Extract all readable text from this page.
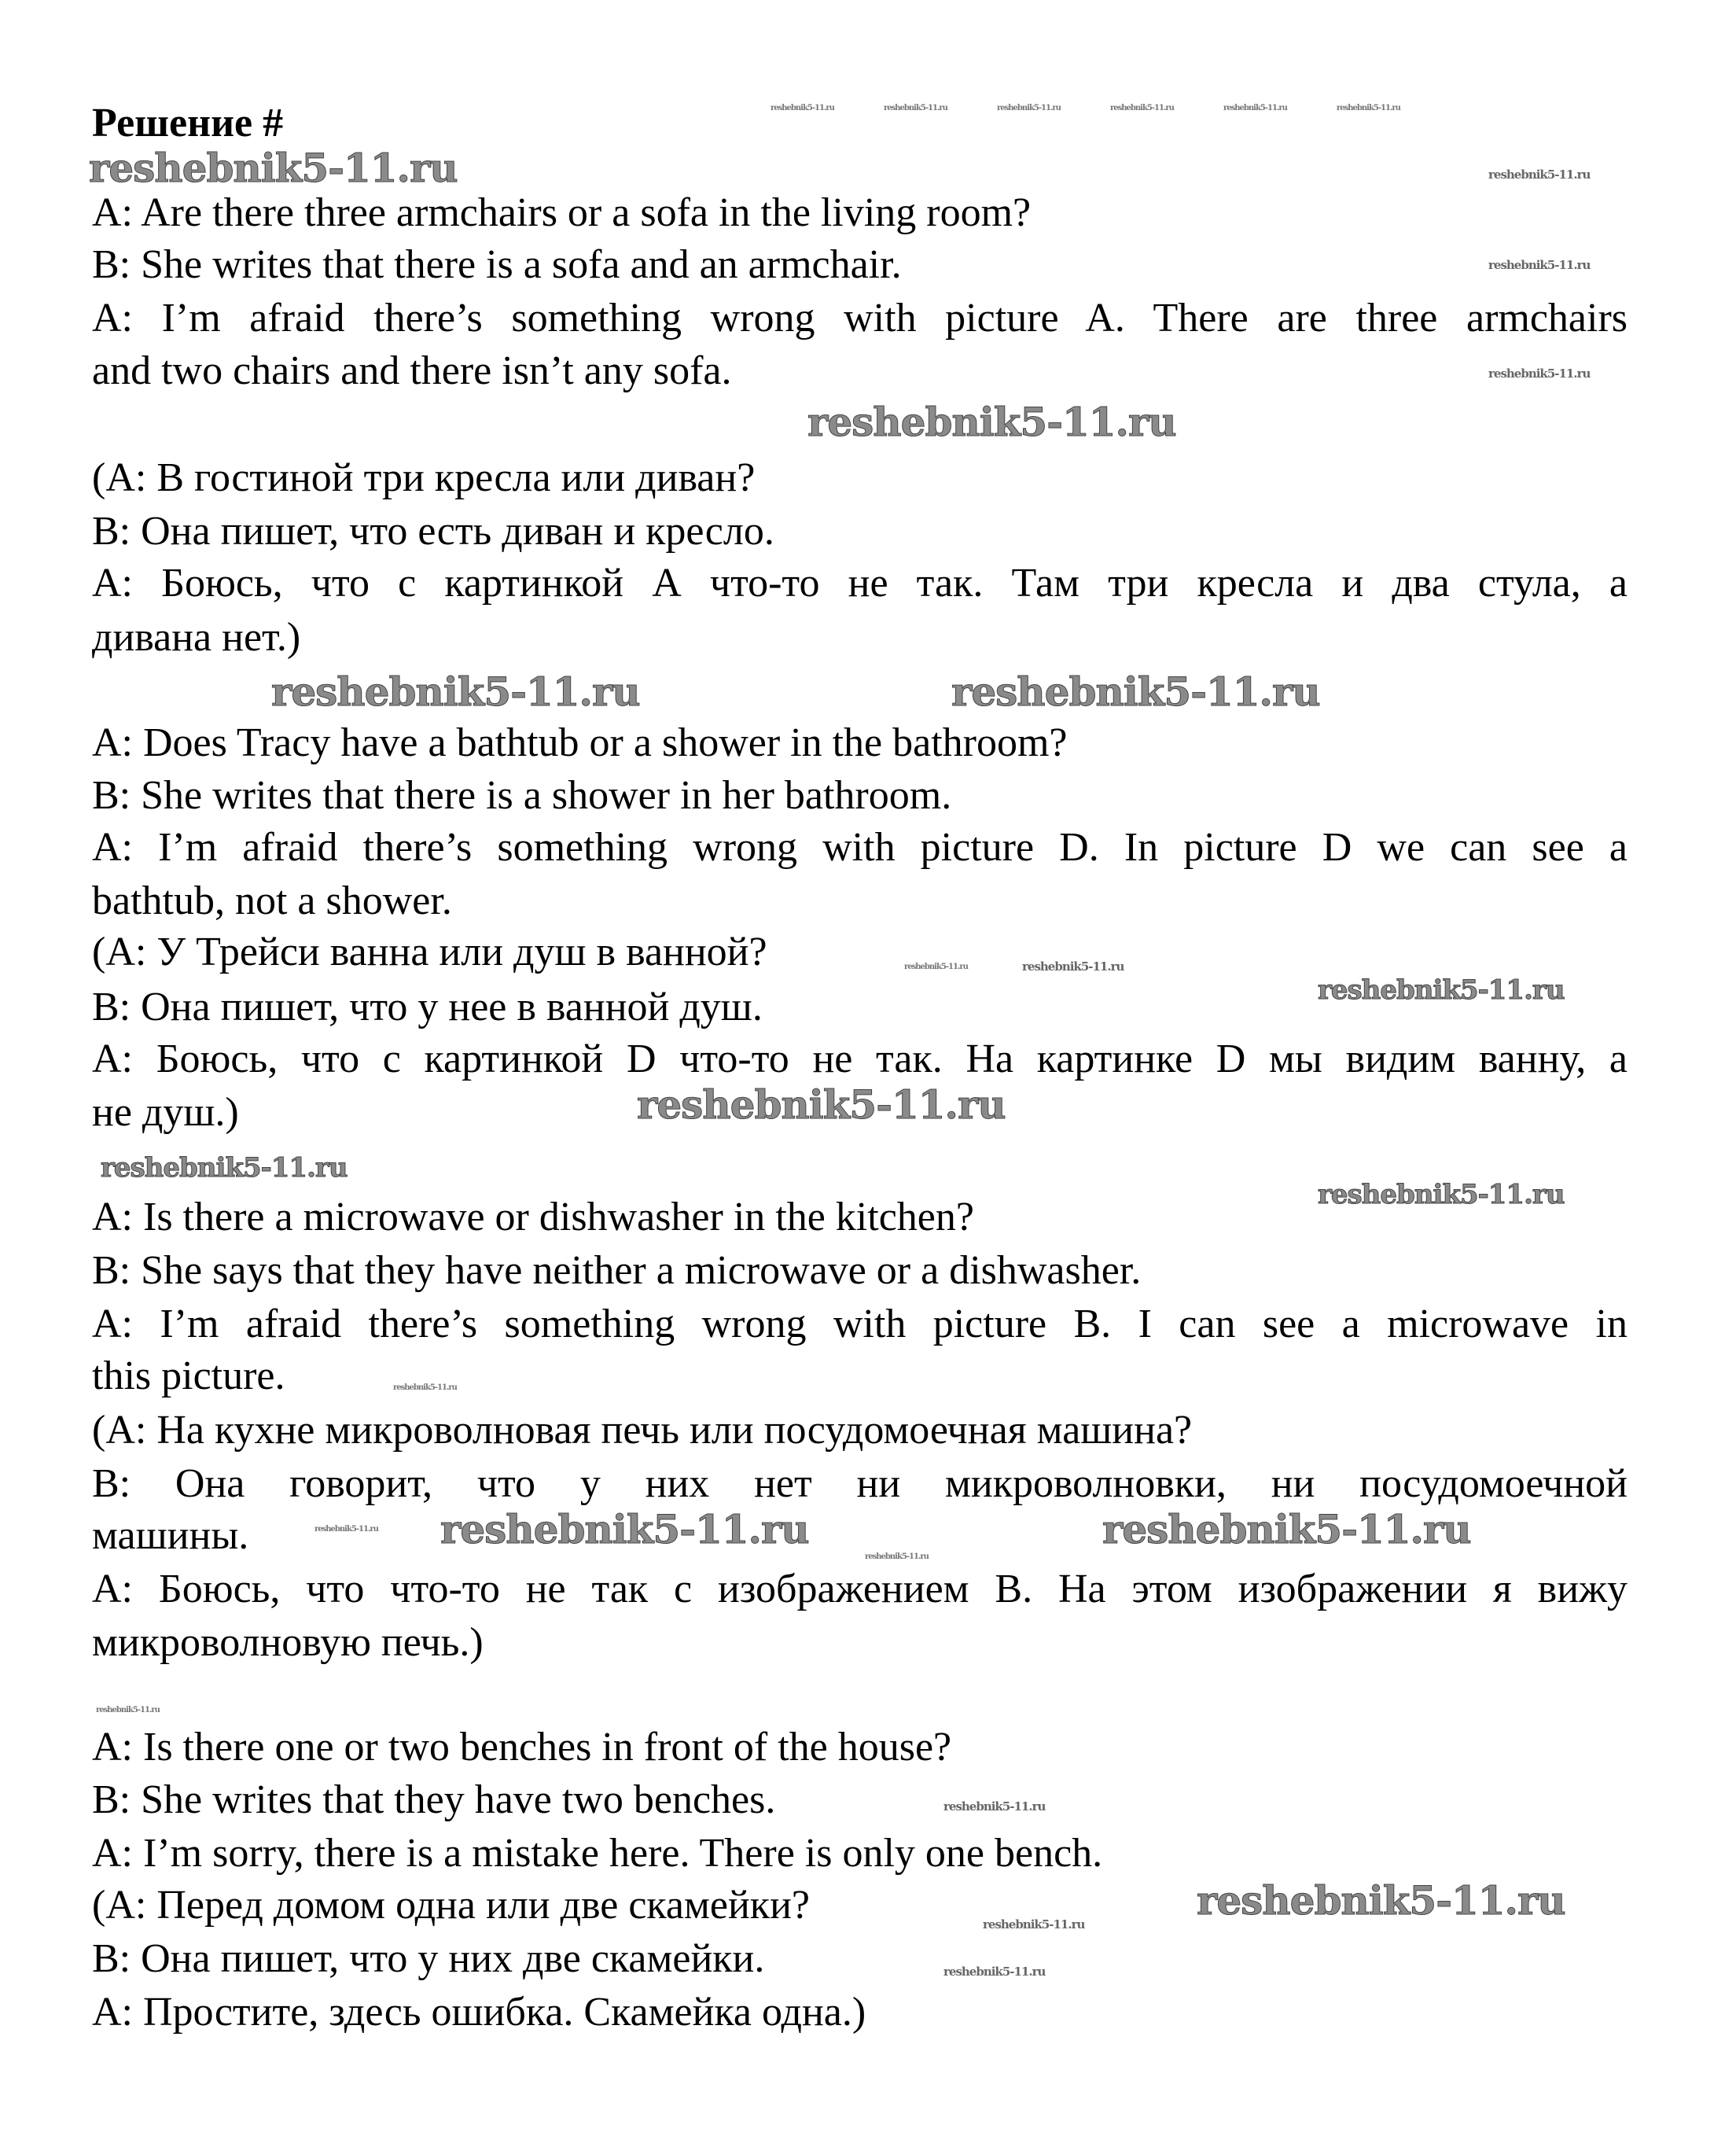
Решение #
A: Are there three armchairs or a sofa in the living room?
B: She writes that there is a sofa and an armchair.
A: I’m afraid there’s something wrong with picture A. There are three armchairs
and two chairs and there isn’t any sofa.
(A: В гостиной три кресла или диван?
B: Она пишет, что есть диван и кресло.
A: Боюсь, что с картинкой А что-то не так. Там три кресла и два стула, а
дивана нет.)
A: Does Tracy have a bathtub or a shower in the bathroom?
B: She writes that there is a shower in her bathroom.
A: I’m afraid there’s something wrong with picture D. In picture D we can see a
bathtub, not a shower.
(A: У Трейси ванна или душ в ванной?
B: Она пишет, что у нее в ванной душ.
A: Боюсь, что с картинкой D что-то не так. На картинке D мы видим ванну, а
не душ.)
A: Is there a microwave or dishwasher in the kitchen?
B: She says that they have neither a microwave or a dishwasher.
A: I’m afraid there’s something wrong with picture B. I can see a microwave in
this picture.
(A: На кухне микроволновая печь или посудомоечная машина?
B: Она говорит, что у них нет ни микроволновки, ни посудомоечной
машины.
A: Боюсь, что что-то не так с изображением B. На этом изображении я вижу
микроволновую печь.)
A: Is there one or two benches in front of the house?
B: She writes that they have two benches.
A: I’m sorry, there is a mistake here. There is only one bench.
(A: Перед домом одна или две скамейки?
B: Она пишет, что у них две скамейки.
A: Простите, здесь ошибка. Скамейка одна.)
reshebnik5-11.ru	reshebnik5-11.ru	reshebnik5-11.ru	reshebnik5-11.ru	reshebnik5-11.ru	reshebnik5-11.ru
reshebnik5-11.ru	reshebnik5-11.ru
reshebnik5-11.ru
reshebnik5-11.ru
reshebnik5-11.ru
reshebnik5-11.ru	reshebnik5-11.ru
reshebnik5-11.ru	reshebnik5-11.ru
reshebnik5-11.ru
reshebnik5-11.ru
reshebnik5-11.ru
reshebnik5-11.ru
reshebnik5-11.ru
reshebnik5-11.ru reshebnik5-11.ru	reshebnik5-11.ru
reshebnik5-11.ru
reshebnik5-11.ru
reshebnik5-11.ru
reshebnik5-11.ru
reshebnik5-11.ru
reshebnik5-11.ru
